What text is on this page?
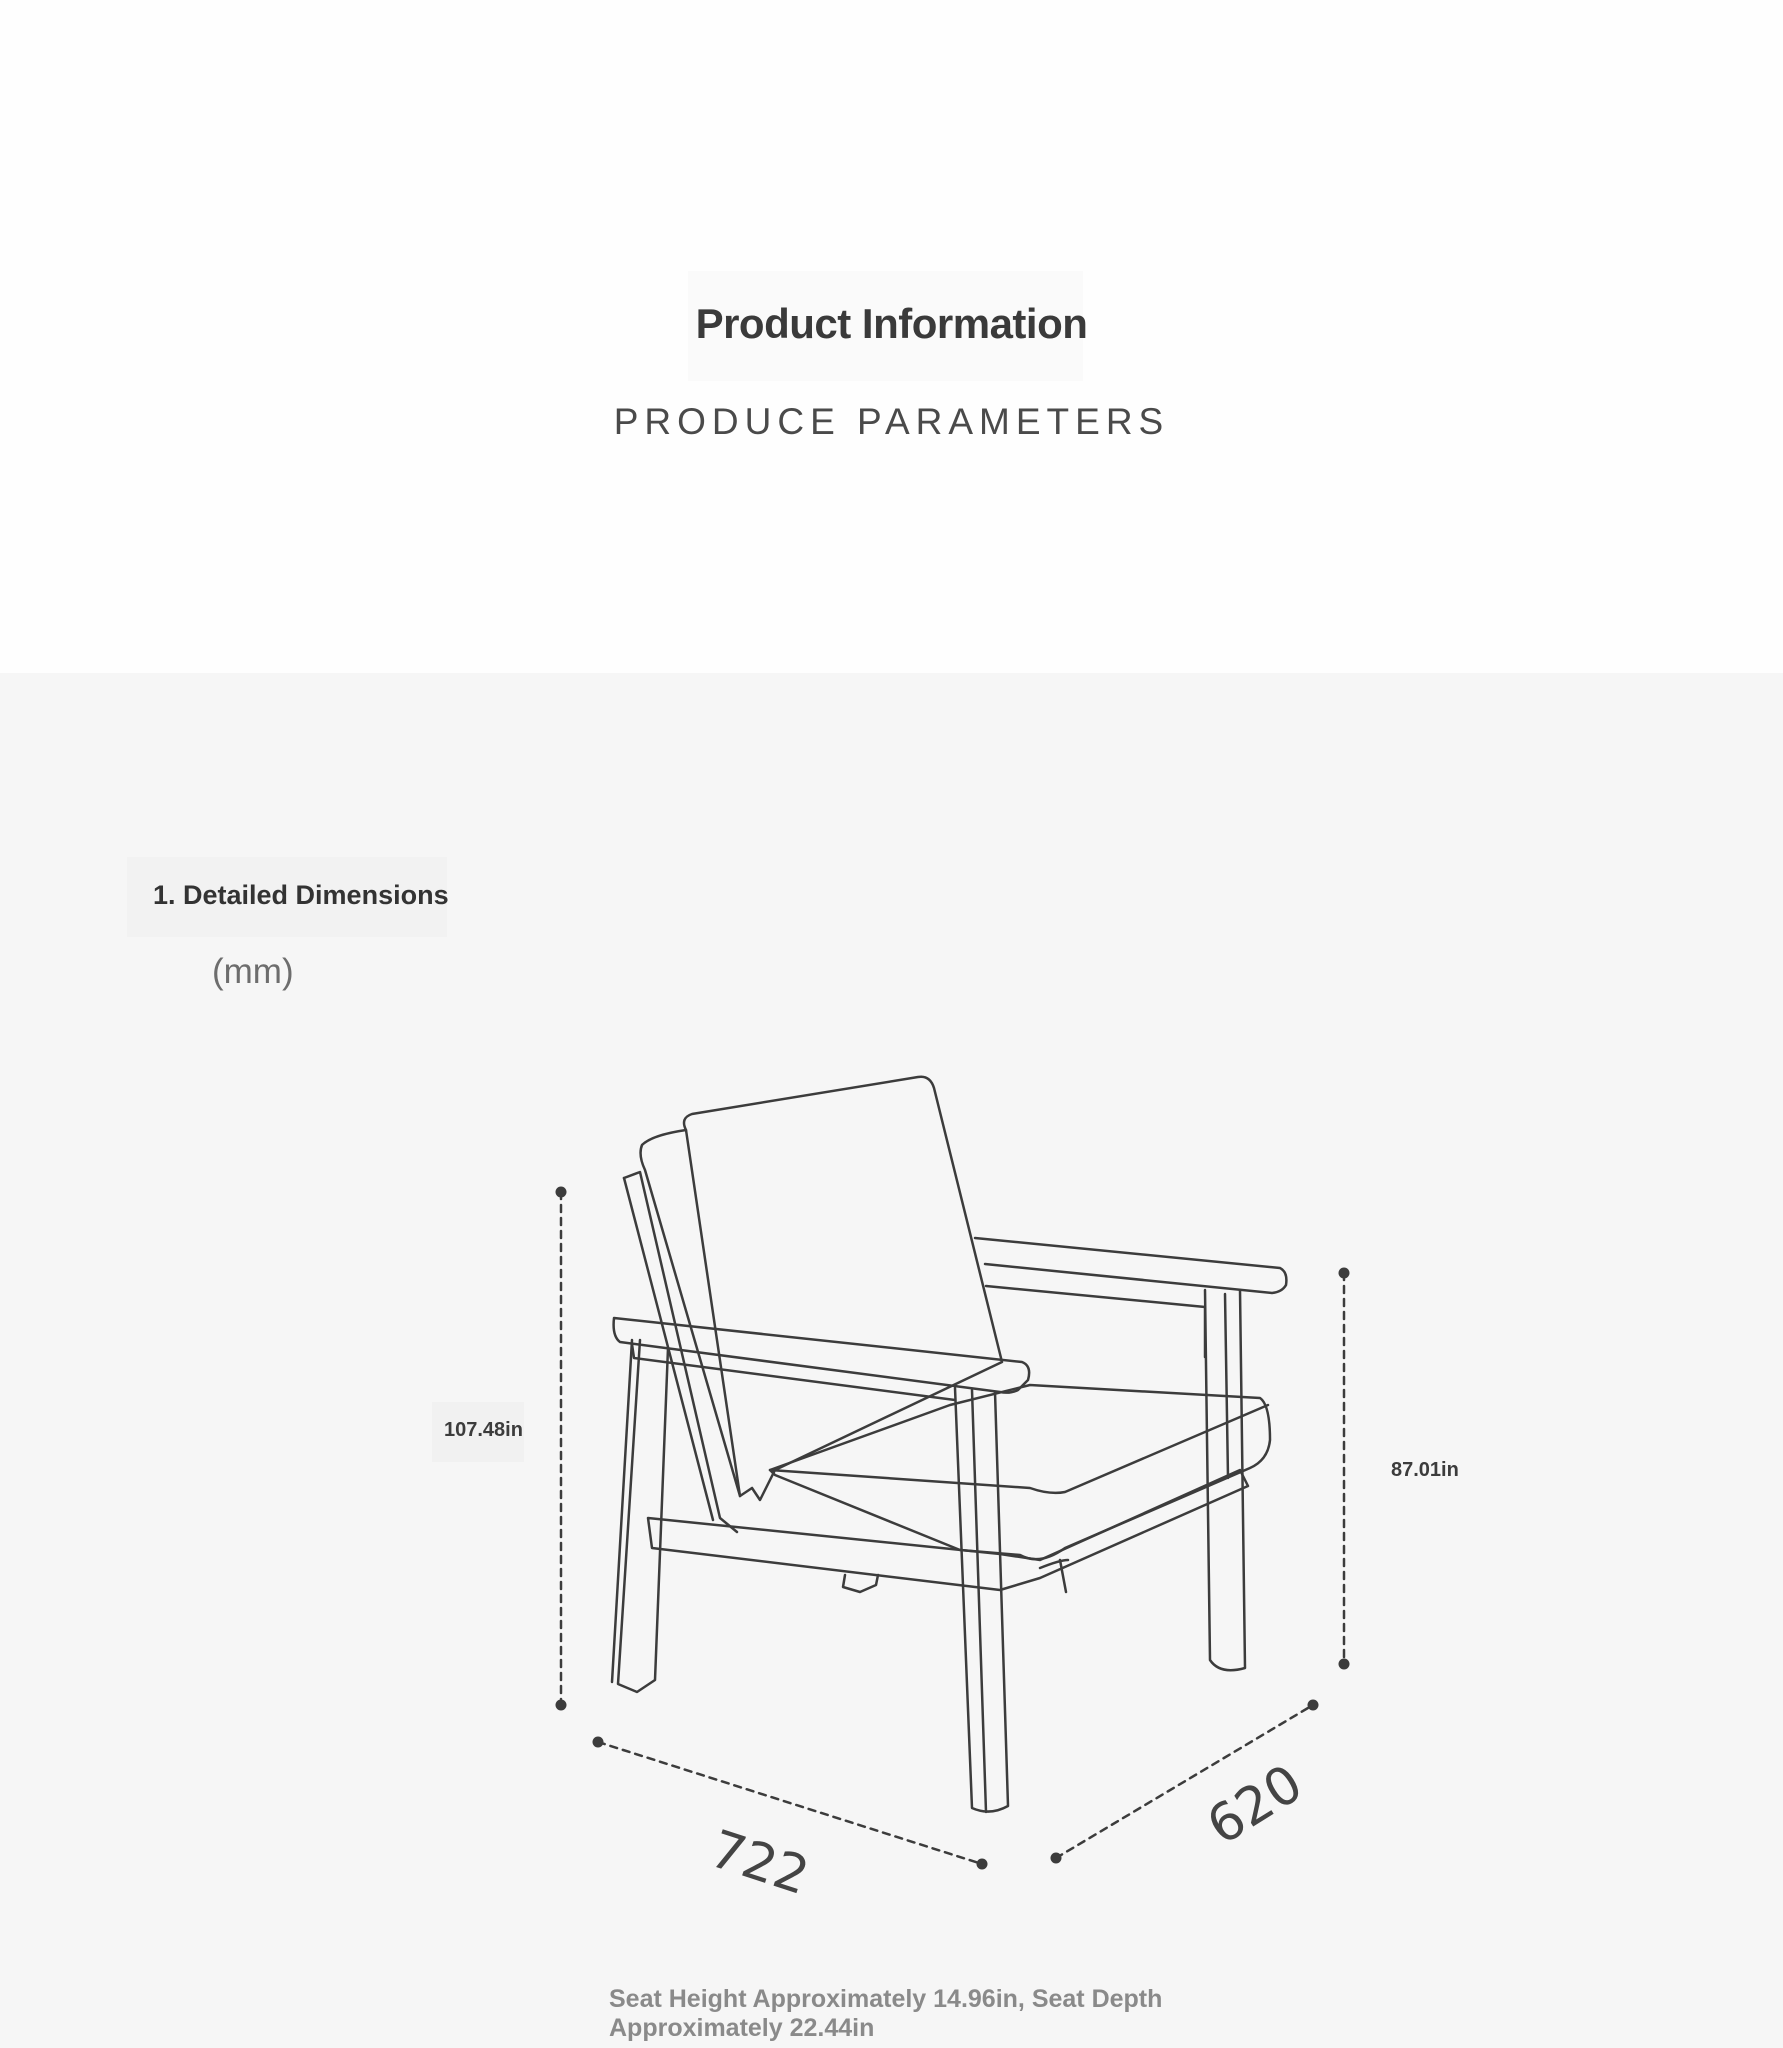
Product Information
PRODUCE PARAMETERS
1. Detailed Dimensions
(mm)
722
620
107.48in
87.01in
Seat Height Approximately 14.96in, Seat Depth Approximately 22.44in
